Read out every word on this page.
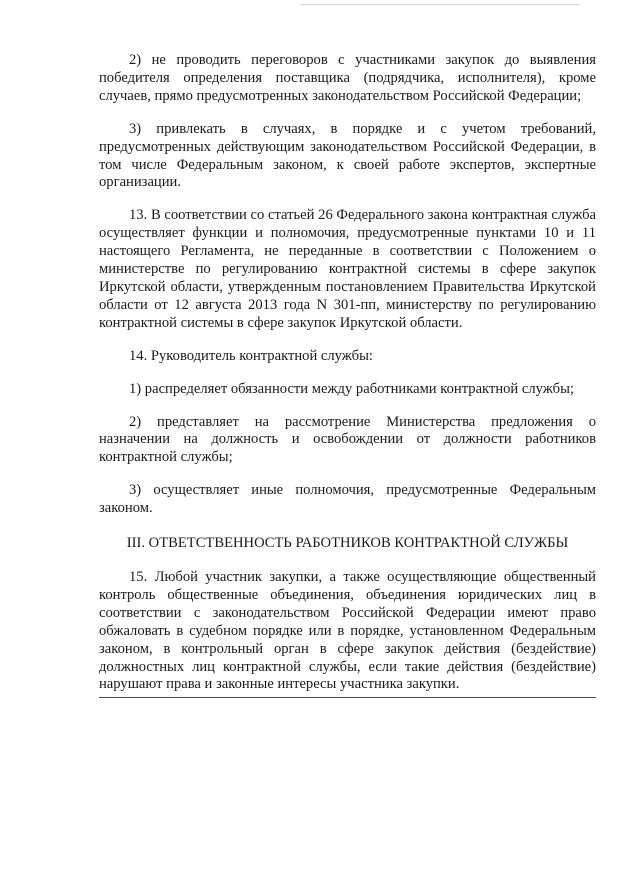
2) не проводить переговоров с участниками закупок до выявления победителя определения поставщика (подрядчика, исполнителя), кроме случаев, прямо предусмотренных законодательством Российской Федерации;

3) привлекать в случаях, в порядке и с учетом требований, предусмотренных действующим законодательством Российской Федерации, в том числе Федеральным законом, к своей работе экспертов, экспертные организации.

13. В соответствии со статьей 26 Федерального закона контрактная служба осуществляет функции и полномочия, предусмотренные пунктами 10 и 11 настоящего Регламента, не переданные в соответствии с Положением о министерстве по регулированию контрактной системы в сфере закупок Иркутской области, утвержденным постановлением Правительства Иркутской области от 12 августа 2013 года N 301-пп, министерству по регулированию контрактной системы в сфере закупок Иркутской области.

14. Руководитель контрактной службы:

1) распределяет обязанности между работниками контрактной службы;

2) представляет на рассмотрение Министерства предложения о назначении на должность и освобождении от должности работников контрактной службы;

3) осуществляет иные полномочия, предусмотренные Федеральным законом.

III. ОТВЕТСТВЕННОСТЬ РАБОТНИКОВ КОНТРАКТНОЙ СЛУЖБЫ

15. Любой участник закупки, а также осуществляющие общественный контроль общественные объединения, объединения юридических лиц в соответствии с законодательством Российской Федерации имеют право обжаловать в судебном порядке или в порядке, установленном Федеральным законом, в контрольный орган в сфере закупок действия (бездействие) должностных лиц контрактной службы, если такие действия (бездействие) нарушают права и законные интересы участника закупки.
